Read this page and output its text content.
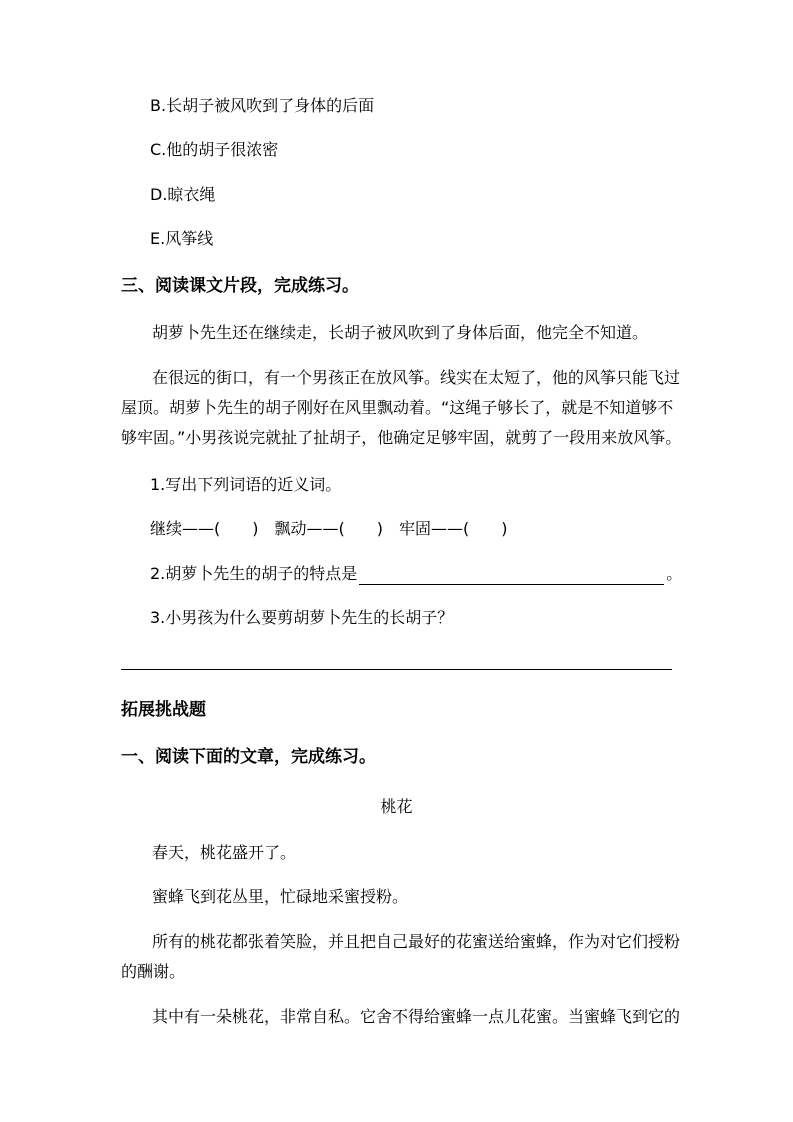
B.长胡子被风吹到了身体的后面
C.他的胡子很浓密
D.晾衣绳
E.风筝线
三、阅读课文片段，完成练习。
胡萝卜先生还在继续走，长胡子被风吹到了身体后面，他完全不知道。
在很远的街口，有一个男孩正在放风筝。线实在太短了，他的风筝只能飞过
屋顶。胡萝卜先生的胡子刚好在风里飘动着。“这绳子够长了，就是不知道够不
够牢固。”小男孩说完就扯了扯胡子，他确定足够牢固，就剪了一段用来放风筝。
1.写出下列词语的近义词。
继续——(　　)　飘动——(　　)　牢固——(　　)
2.胡萝卜先生的胡子的特点是	。
3.小男孩为什么要剪胡萝卜先生的长胡子？
拓展挑战题
一、阅读下面的文章，完成练习。
桃花
春天，桃花盛开了。
蜜蜂飞到花丛里，忙碌地采蜜授粉。
所有的桃花都张着笑脸，并且把自己最好的花蜜送给蜜蜂，作为对它们授粉
的酬谢。
其中有一朵桃花，非常自私。它舍不得给蜜蜂一点儿花蜜。当蜜蜂飞到它的
